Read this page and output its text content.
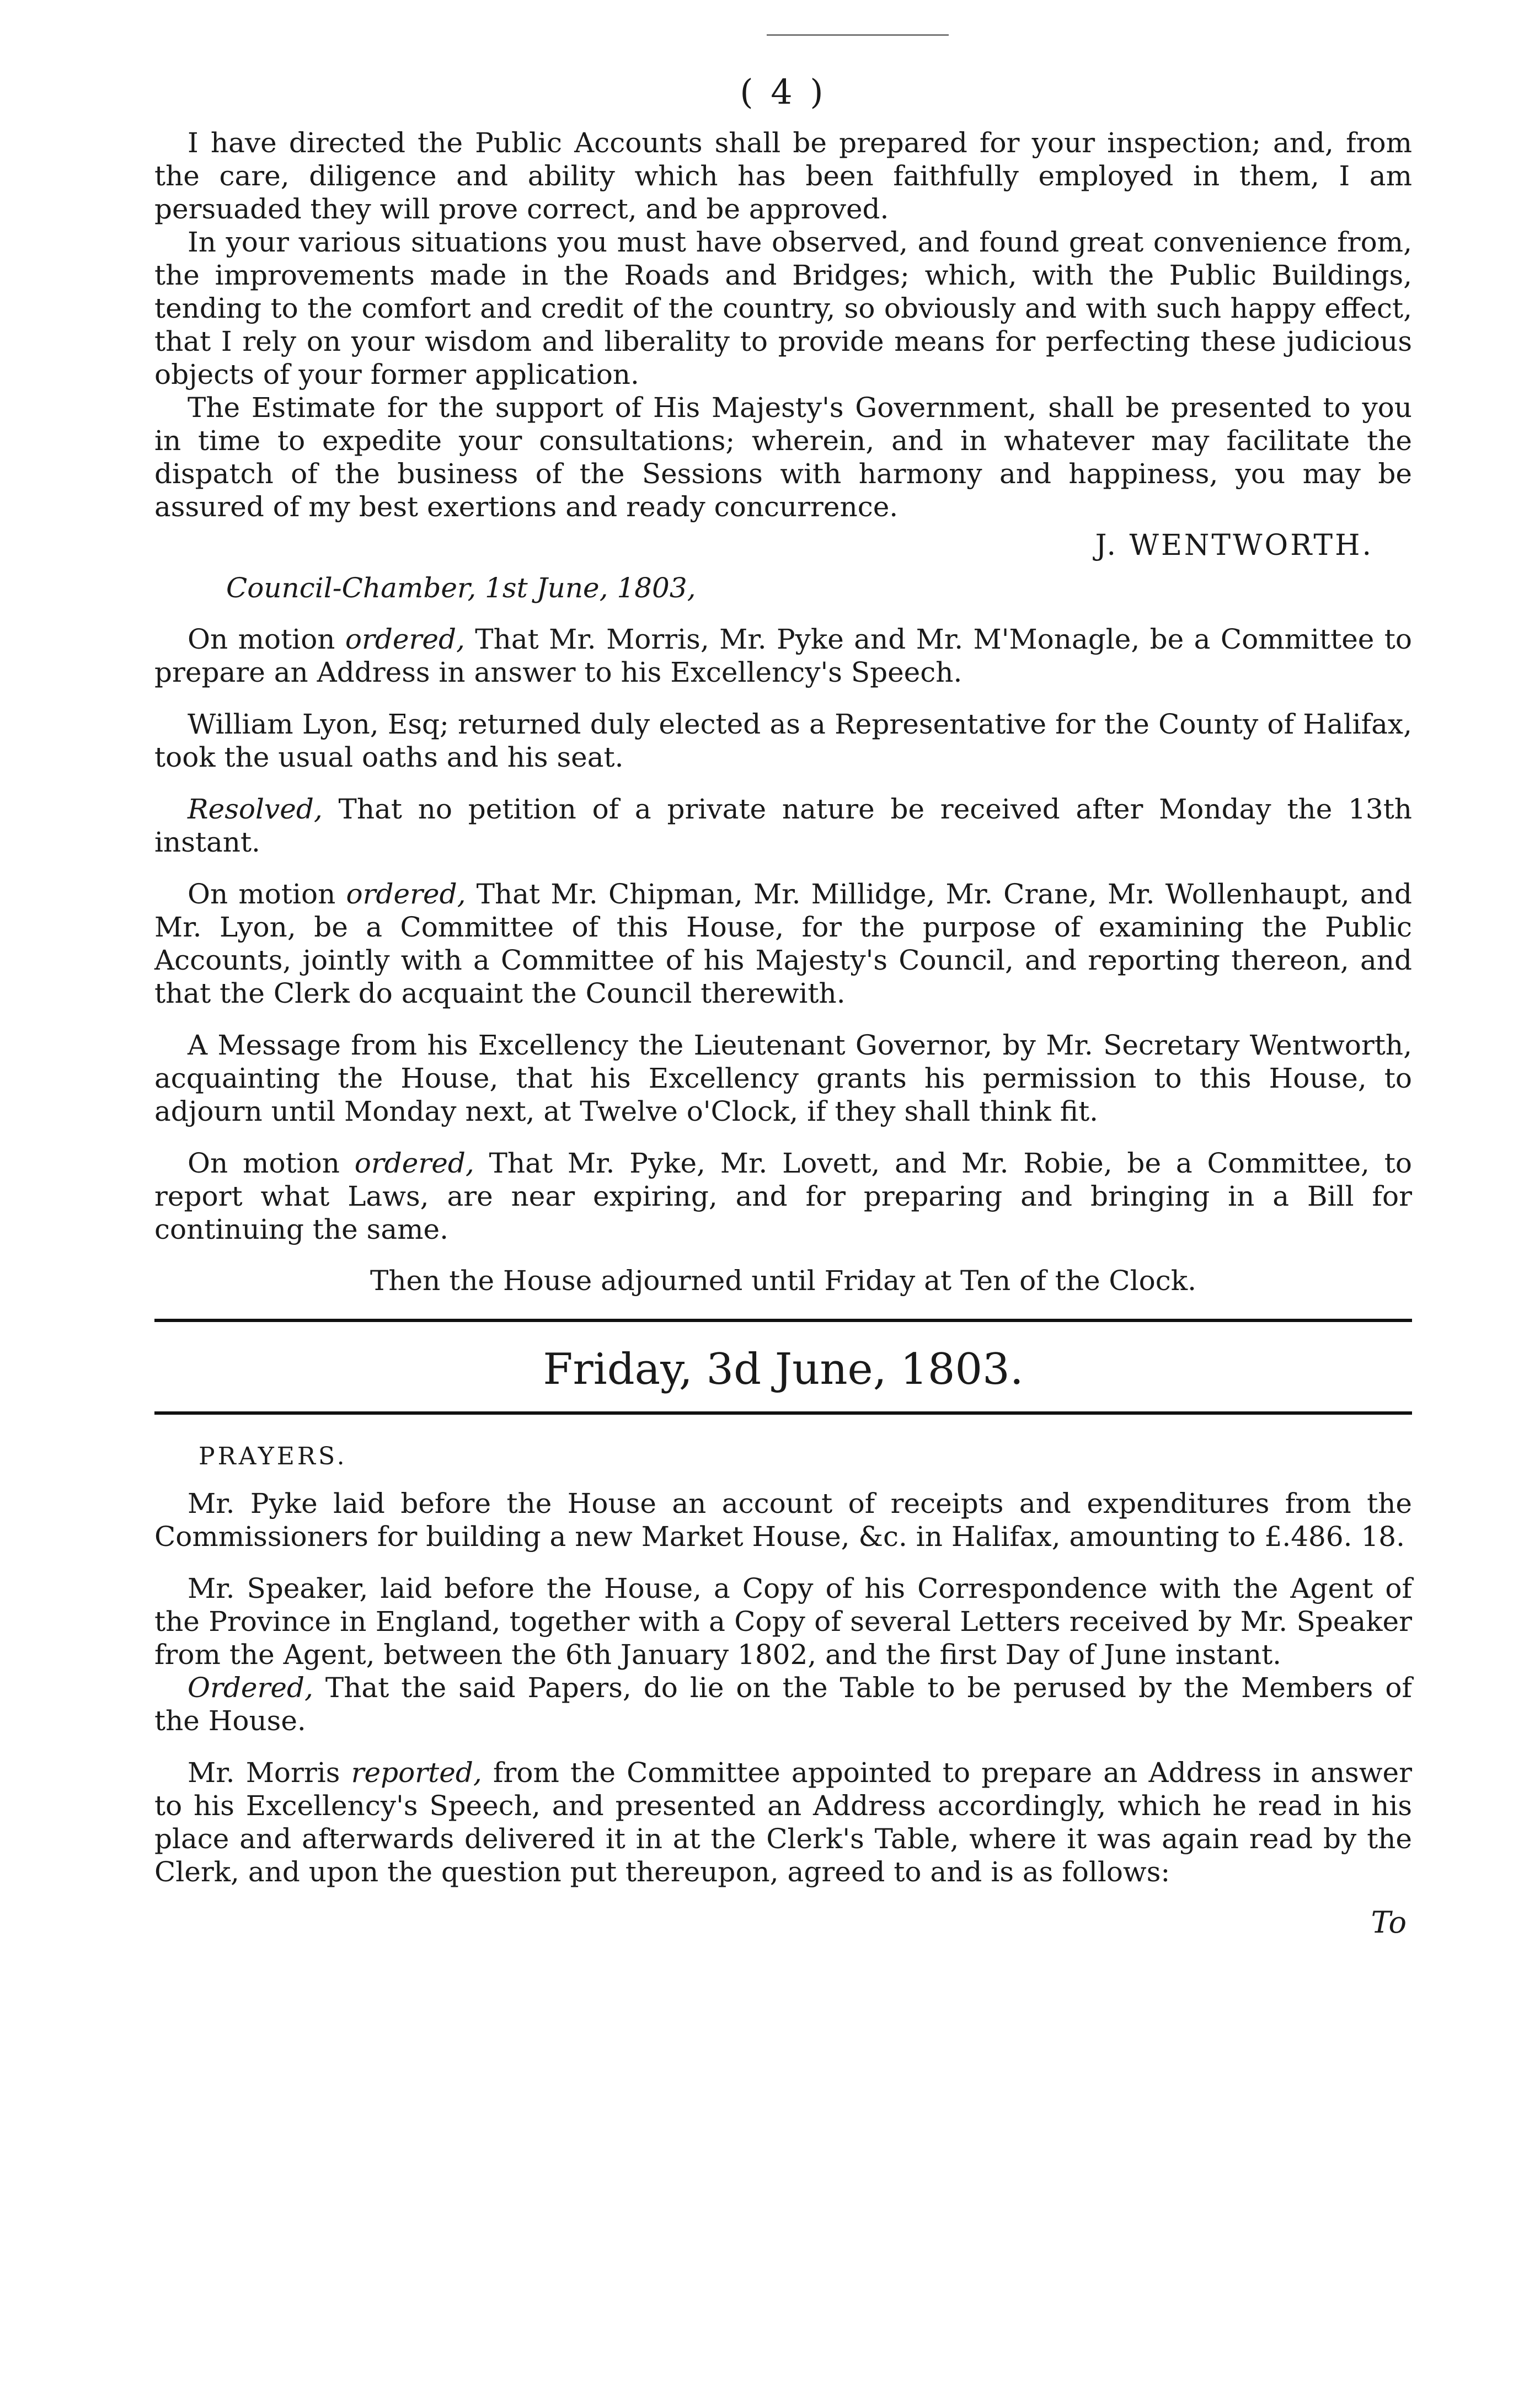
( 4 )

I have directed the Public Accounts shall be prepared for your inspection; and, from the care, diligence and ability which has been faithfully employed in them, I am persuaded they will prove correct, and be approved.

In your various situations you must have observed, and found great convenience from, the improvements made in the Roads and Bridges; which, with the Public Buildings, tending to the comfort and credit of the country, so obviously and with such happy effect, that I rely on your wisdom and liberality to provide means for perfecting these judicious objects of your former application.

The Estimate for the support of His Majesty's Government, shall be presented to you in time to expedite your consultations; wherein, and in whatever may facilitate the dispatch of the business of the Sessions with harmony and happiness, you may be assured of my best exertions and ready concurrence.

J. WENTWORTH.
Council-Chamber, 1st June, 1803,

On motion ordered, That Mr. Morris, Mr. Pyke and Mr. M'Monagle, be a Committee to prepare an Address in answer to his Excellency's Speech.

William Lyon, Esq; returned duly elected as a Representative for the County of Halifax, took the usual oaths and his seat.

Resolved, That no petition of a private nature be received after Monday the 13th instant.

On motion ordered, That Mr. Chipman, Mr. Millidge, Mr. Crane, Mr. Wollenhaupt, and Mr. Lyon, be a Committee of this House, for the purpose of examining the Public Accounts, jointly with a Committee of his Majesty's Council, and reporting thereon, and that the Clerk do acquaint the Council therewith.

A Message from his Excellency the Lieutenant Governor, by Mr. Secretary Wentworth, acquainting the House, that his Excellency grants his permission to this House, to adjourn until Monday next, at Twelve o'Clock, if they shall think fit.

On motion ordered, That Mr. Pyke, Mr. Lovett, and Mr. Robie, be a Committee, to report what Laws, are near expiring, and for preparing and bringing in a Bill for continuing the same.

Then the House adjourned until Friday at Ten of the Clock.
Friday, 3d June, 1803.
PRAYERS.

Mr. Pyke laid before the House an account of receipts and expenditures from the Commissioners for building a new Market House, &c. in Halifax, amounting to £.486. 18.

Mr. Speaker, laid before the House, a Copy of his Correspondence with the Agent of the Province in England, together with a Copy of several Letters received by Mr. Speaker from the Agent, between the 6th January 1802, and the first Day of June instant.

Ordered, That the said Papers, do lie on the Table to be perused by the Members of the House.

Mr. Morris reported, from the Committee appointed to prepare an Address in answer to his Excellency's Speech, and presented an Address accordingly, which he read in his place and afterwards delivered it in at the Clerk's Table, where it was again read by the Clerk, and upon the question put thereupon, agreed to and is as follows:

To
